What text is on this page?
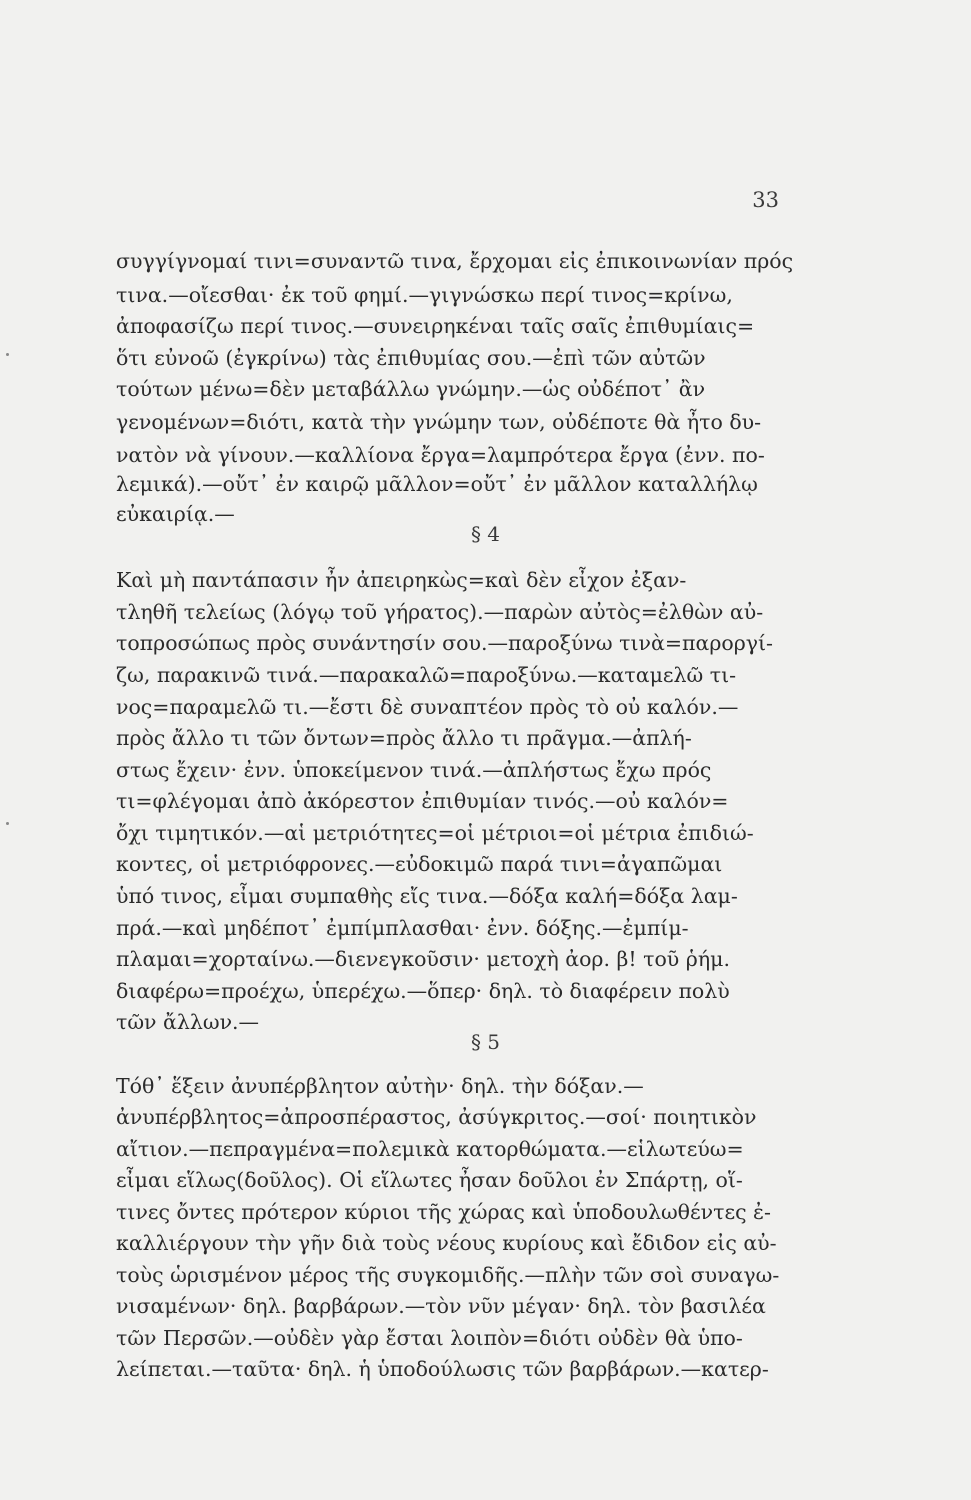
33
συγγίγνομαί τινι=συναντῶ τινα, ἔρχομαι εἰς ἐπικοινωνίαν πρός
τινα.—οἴεσθαι· ἐκ τοῦ φημί.—γιγνώσκω περί τινος=κρίνω,
ἀποφασίζω περί τινος.—συνειρηκέναι ταῖς σαῖς ἐπιθυμίαις=
ὅτι εὐνοῶ (ἐγκρίνω) τὰς ἐπιθυμίας σου.—ἐπὶ τῶν αὐτῶν
τούτων μένω=δὲν μεταβάλλω γνώμην.—ὡς οὐδέποτ᾽ ἂν
γενομένων=διότι, κατὰ τὴν γνώμην των, οὐδέποτε θὰ ἦτο δυ-
νατὸν νὰ γίνουν.—καλλίονα ἔργα=λαμπρότερα ἔργα (ἐνν. πο-
λεμικά).—οὔτ᾽ ἐν καιρῷ μᾶλλον=οὔτ᾽ ἐν μᾶλλον καταλλήλῳ
εὐκαιρίᾳ.—
§ 4
Καὶ μὴ παντάπασιν ἦν ἀπειρηκὼς=καὶ δὲν εἶχον ἐξαν-
τληθῆ τελείως (λόγῳ τοῦ γήρατος).—παρὼν αὐτὸς=ἐλθὼν αὐ-
τοπροσώπως πρὸς συνάντησίν σου.—παροξύνω τινὰ=παροργί-
ζω, παρακινῶ τινά.—παρακαλῶ=παροξύνω.—καταμελῶ τι-
νος=παραμελῶ τι.—ἔστι δὲ συναπτέον πρὸς τὸ οὐ καλόν.—
πρὸς ἄλλο τι τῶν ὄντων=πρὸς ἄλλο τι πρᾶγμα.—ἀπλή-
στως ἔχειν· ἐνν. ὑποκείμενον τινά.—ἀπλήστως ἔχω πρός
τι=φλέγομαι ἀπὸ ἀκόρεστον ἐπιθυμίαν τινός.—οὐ καλόν=
ὄχι τιμητικόν.—αἱ μετριότητες=οἱ μέτριοι=οἱ μέτρια ἐπιδιώ-
κοντες, οἱ μετριόφρονες.—εὐδοκιμῶ παρά τινι=ἀγαπῶμαι
ὑπό τινος, εἶμαι συμπαθὴς εἴς τινα.—δόξα καλή=δόξα λαμ-
πρά.—καὶ μηδέποτ᾽ ἐμπίμπλασθαι· ἐνν. δόξης.—ἐμπίμ-
πλαμαι=χορταίνω.—διενεγκοῦσιν· μετοχὴ ἀορ. β! τοῦ ῥήμ.
διαφέρω=προέχω, ὑπερέχω.—ὅπερ· δηλ. τὸ διαφέρειν πολὺ
τῶν ἄλλων.—
§ 5
Τόθ᾽ ἕξειν ἀνυπέρβλητον αὐτὴν· δηλ. τὴν δόξαν.—
ἀνυπέρβλητος=ἀπροσπέραστος, ἀσύγκριτος.—σοί· ποιητικὸν
αἴτιον.—πεπραγμένα=πολεμικὰ κατορθώματα.—εἱλωτεύω=
εἶμαι εἵλως(δοῦλος). Οἱ εἵλωτες ἦσαν δοῦλοι ἐν Σπάρτῃ, οἵ-
τινες ὄντες πρότερον κύριοι τῆς χώρας καὶ ὑποδουλωθέντες ἐ-
καλλιέργουν τὴν γῆν διὰ τοὺς νέους κυρίους καὶ ἔδιδον εἰς αὐ-
τοὺς ὡρισμένον μέρος τῆς συγκομιδῆς.—πλὴν τῶν σοὶ συναγω-
νισαμένων· δηλ. βαρβάρων.—τὸν νῦν μέγαν· δηλ. τὸν βασιλέα
τῶν Περσῶν.—οὐδὲν γὰρ ἔσται λοιπὸν=διότι οὐδὲν θὰ ὑπο-
λείπεται.—ταῦτα· δηλ. ἡ ὑποδούλωσις τῶν βαρβάρων.—κατερ-
